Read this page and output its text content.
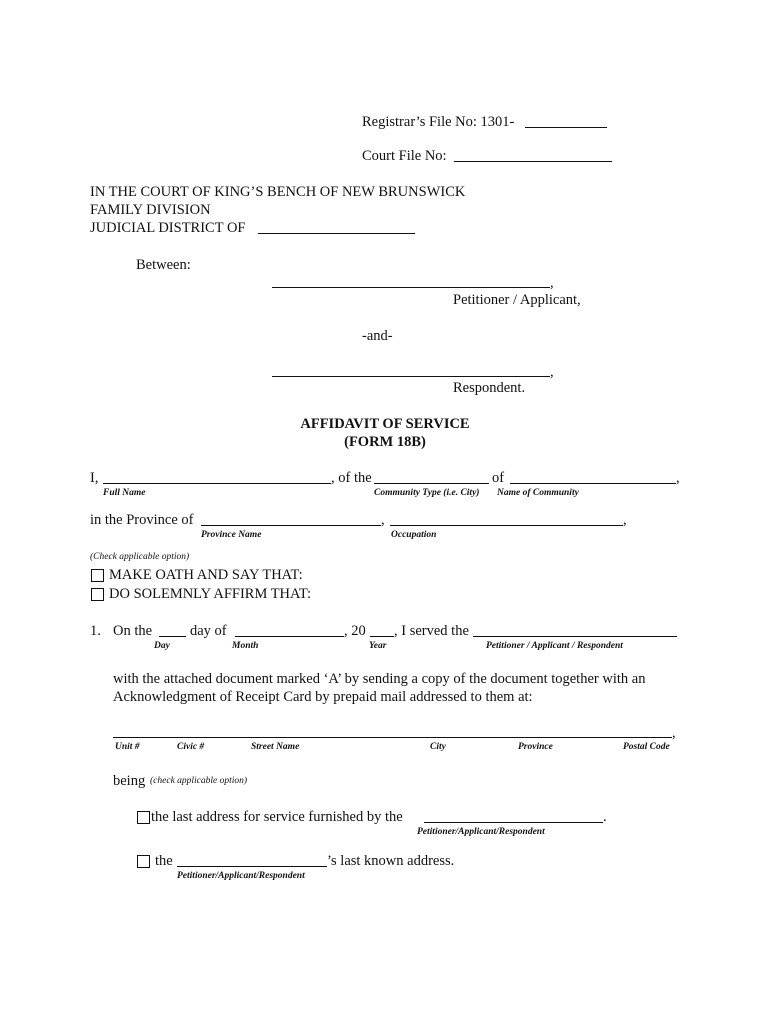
Registrar’s File No: 1301-
Court File No:
IN THE COURT OF KING’S BENCH OF NEW BRUNSWICK
FAMILY DIVISION
JUDICIAL DISTRICT OF
Between:
,
Petitioner / Applicant,
-and-
,
Respondent.
AFFIDAVIT OF SERVICE
(FORM 18B)
I,	, of the	of	,
Full Name	Community Type (i.e. City) Name of Community
in the Province of	,	,
Province Name	Occupation
(Check applicable option)
MAKE OATH AND SAY THAT:
DO SOLEMNLY AFFIRM THAT:
1. On the	day of	, 20 , I served the
Day	Month	Year	Petitioner / Applicant / Respondent
with the attached document marked ‘A’ by sending a copy of the document together with an
Acknowledgment of Receipt Card by prepaid mail addressed to them at:
,
Unit #	Civic #	Street Name	City	Province	Postal Code
being (check applicable option)
the last address for service furnished by the	.
Petitioner/Applicant/Respondent
the	’s last known address.
Petitioner/Applicant/Respondent
